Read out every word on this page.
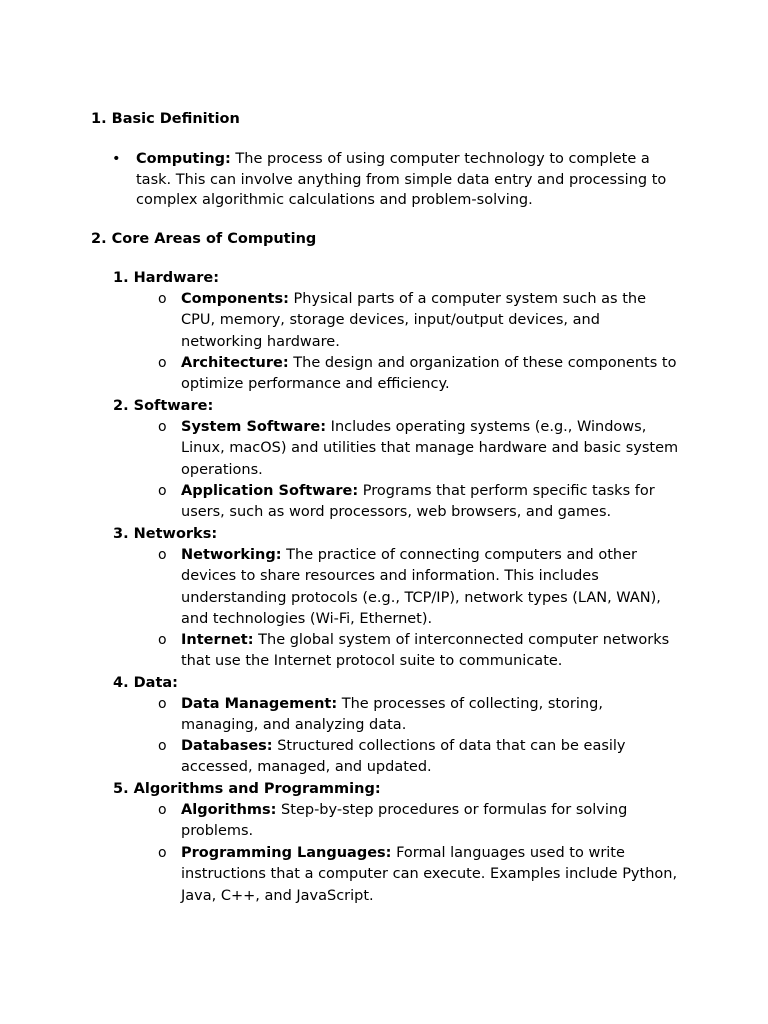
1. Basic Definition
• Computing: The process of using computer technology to complete a task. This can involve anything from simple data entry and processing to complex algorithmic calculations and problem-solving.
2. Core Areas of Computing
1. Hardware:
o Components: Physical parts of a computer system such as the CPU, memory, storage devices, input/output devices, and networking hardware.
o Architecture: The design and organization of these components to optimize performance and efficiency.
2. Software:
o System Software: Includes operating systems (e.g., Windows, Linux, macOS) and utilities that manage hardware and basic system operations.
o Application Software: Programs that perform specific tasks for users, such as word processors, web browsers, and games.
3. Networks:
o Networking: The practice of connecting computers and other devices to share resources and information. This includes understanding protocols (e.g., TCP/IP), network types (LAN, WAN), and technologies (Wi-Fi, Ethernet).
o Internet: The global system of interconnected computer networks that use the Internet protocol suite to communicate.
4. Data:
o Data Management: The processes of collecting, storing, managing, and analyzing data.
o Databases: Structured collections of data that can be easily accessed, managed, and updated.
5. Algorithms and Programming:
o Algorithms: Step-by-step procedures or formulas for solving problems.
o Programming Languages: Formal languages used to write instructions that a computer can execute. Examples include Python, Java, C++, and JavaScript.
